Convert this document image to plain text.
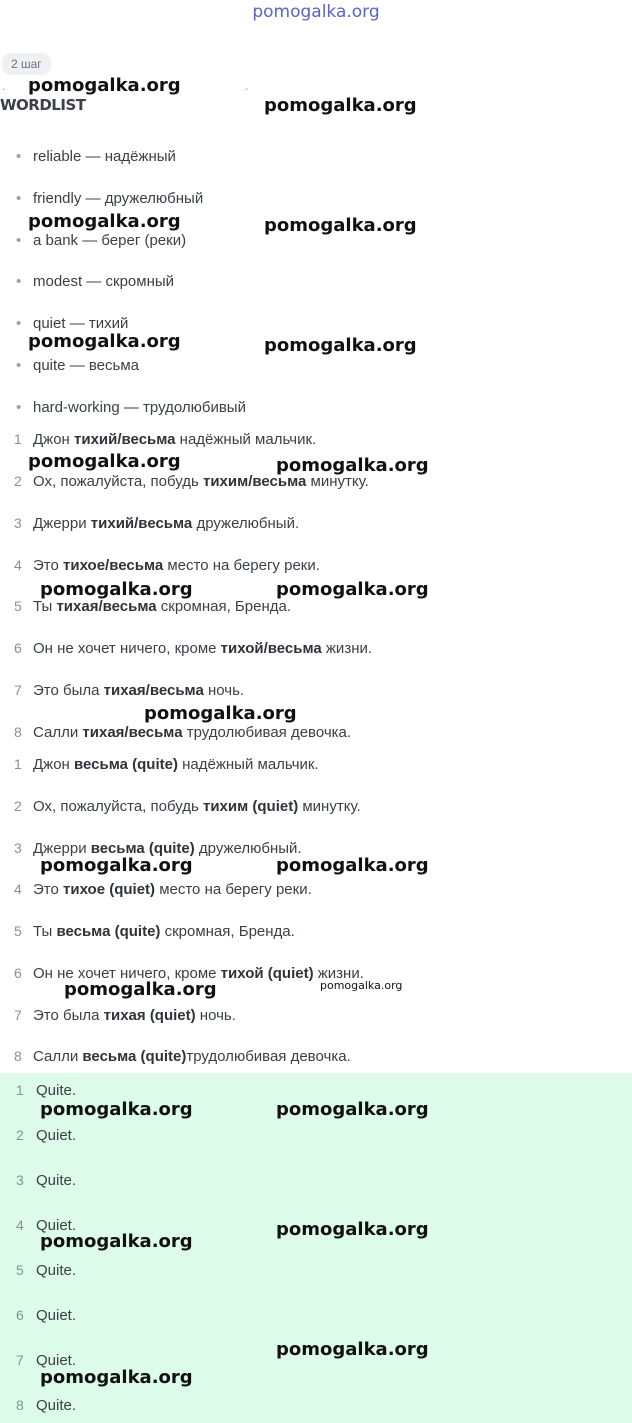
pomogalka.org
2 шаг
-	-
WORDLIST
• reliable — надёжный
• friendly — дружелюбный
• a bank — берег (реки)
• modest — скромный
• quiet — тихий
• quite — весьма
• hard-working — трудолюбивый
1 Джон тихий/весьма надёжный мальчик.
2 Ох, пожалуйста, побудь тихим/весьма минутку.
3 Джерри тихий/весьма дружелюбный.
4 Это тихое/весьма место на берегу реки.
5 Ты тихая/весьма скромная, Бренда.
6 Он не хочет ничего, кроме тихой/весьма жизни.
7 Это была тихая/весьма ночь.
8 Салли тихая/весьма трудолюбивая девочка.
1 Джон весьма (quite) надёжный мальчик.
2 Ох, пожалуйста, побудь тихим (quiet) минутку.
3 Джерри весьма (quite) дружелюбный.
4 Это тихое (quiet) место на берегу реки.
5 Ты весьма (quite) скромная, Бренда.
6 Он не хочет ничего, кроме тихой (quiet) жизни.
7 Это была тихая (quiet) ночь.
8 Салли весьма (quite)трудолюбивая девочка.
1 Quite.
2 Quiet.
3 Quite.
4 Quiet.
5 Quite.
6 Quiet.
7 Quiet.
8 Quite.
pomogalka.org
pomogalka.org
pomogalka.org	pomogalka.org
pomogalka.org	pomogalka.org
pomogalka.org	pomogalka.org
pomogalka.org	pomogalka.org
pomogalka.org
pomogalka.org	pomogalka.org
pomogalka.org	pomogalka.org
pomogalka.org	pomogalka.org
pomogalka.org
pomogalka.org
pomogalka.org
pomogalka.org
